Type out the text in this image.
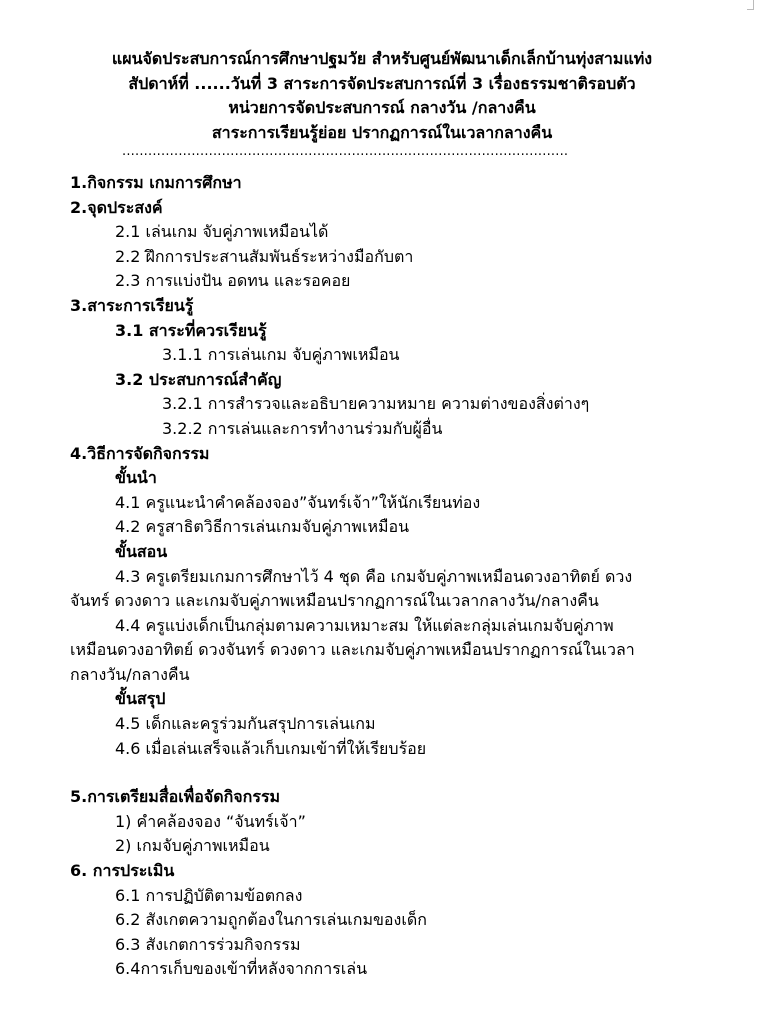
แผนจัดประสบการณ์การศึกษาปฐมวัย สำหรับศูนย์พัฒนาเด็กเล็กบ้านทุ่งสามแท่ง
สัปดาห์ที่ ......วันที่ 3 สาระการจัดประสบการณ์ที่ 3 เรื่องธรรมชาติรอบตัว
หน่วยการจัดประสบการณ์ กลางวัน /กลางคืน
สาระการเรียนรู้ย่อย ปรากฏการณ์ในเวลากลางคืน
.......................................................................................................
1.กิจกรรม เกมการศึกษา
2.จุดประสงค์
2.1 เล่นเกม จับคู่ภาพเหมือนได้
2.2 ฝึกการประสานสัมพันธ์ระหว่างมือกับตา
2.3 การแบ่งปัน อดทน และรอคอย
3.สาระการเรียนรู้
3.1 สาระที่ควรเรียนรู้
3.1.1 การเล่นเกม จับคู่ภาพเหมือน
3.2 ประสบการณ์สำคัญ
3.2.1 การสำรวจและอธิบายความหมาย ความต่างของสิ่งต่างๆ
3.2.2 การเล่นและการทำงานร่วมกับผู้อื่น
4.วิธีการจัดกิจกรรม
ขั้นนำ
4.1 ครูแนะนำคำคล้องจอง”จันทร์เจ้า”ให้นักเรียนท่อง
4.2 ครูสาธิตวิธีการเล่นเกมจับคู่ภาพเหมือน
ขั้นสอน
4.3 ครูเตรียมเกมการศึกษาไว้ 4 ชุด คือ เกมจับคู่ภาพเหมือนดวงอาทิตย์ ดวง
จันทร์ ดวงดาว และเกมจับคู่ภาพเหมือนปรากฏการณ์ในเวลากลางวัน/กลางคืน
4.4 ครูแบ่งเด็กเป็นกลุ่มตามความเหมาะสม ให้แต่ละกลุ่มเล่นเกมจับคู่ภาพ
เหมือนดวงอาทิตย์ ดวงจันทร์ ดวงดาว และเกมจับคู่ภาพเหมือนปรากฏการณ์ในเวลา
กลางวัน/กลางคืน
ขั้นสรุป
4.5 เด็กและครูร่วมกันสรุปการเล่นเกม
4.6 เมื่อเล่นเสร็จแล้วเก็บเกมเข้าที่ให้เรียบร้อย
5.การเตรียมสื่อเพื่อจัดกิจกรรม
1) คำคล้องจอง “จันทร์เจ้า”
2) เกมจับคู่ภาพเหมือน
6. การประเมิน
6.1 การปฏิบัติตามข้อตกลง
6.2 สังเกตความถูกต้องในการเล่นเกมของเด็ก
6.3 สังเกตการร่วมกิจกรรม
6.4การเก็บของเข้าที่หลังจากการเล่น
